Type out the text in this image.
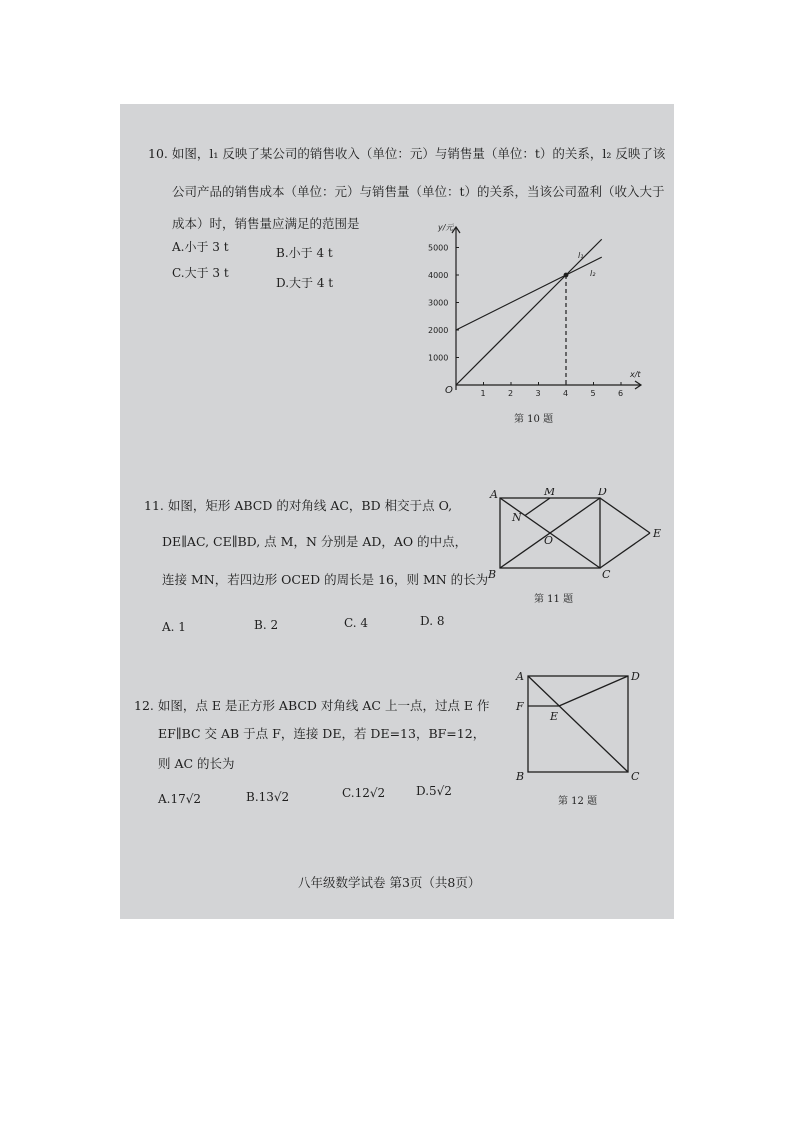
10. 如图，l₁ 反映了某公司的销售收入（单位：元）与销售量（单位：t）的关系，l₂ 反映了该
公司产品的销售成本（单位：元）与销售量（单位：t）的关系，当该公司盈利（收入大于
成本）时，销售量应满足的范围是
A.小于 3 t	B.小于 4 t
C.大于 3 t
D.大于 4 t
1	2	3	4	5	6
1000
2000
3000
4000
5000
y/元
x/t
O
l₁
l₂
第 10 题
11. 如图，矩形 ABCD 的对角线 AC，BD 相交于点 O,
DE∥AC, CE∥BD, 点 M，N 分别是 AD，AO 的中点，
连接 MN，若四边形 OCED 的周长是 16，则 MN 的长为
A. 1	B. 2	C. 4	D. 8
A	M	D
N
O
E
B	C
第 11 题
12. 如图，点 E 是正方形 ABCD 对角线 AC 上一点，过点 E 作
EF∥BC 交 AB 于点 F，连接 DE，若 DE=13，BF=12，
则 AC 的长为
A.17√2	B.13√2	C.12√2	D.5√2
A	D
F
E
B	C
第 12 题
八年级数学试卷 第3页（共8页）
